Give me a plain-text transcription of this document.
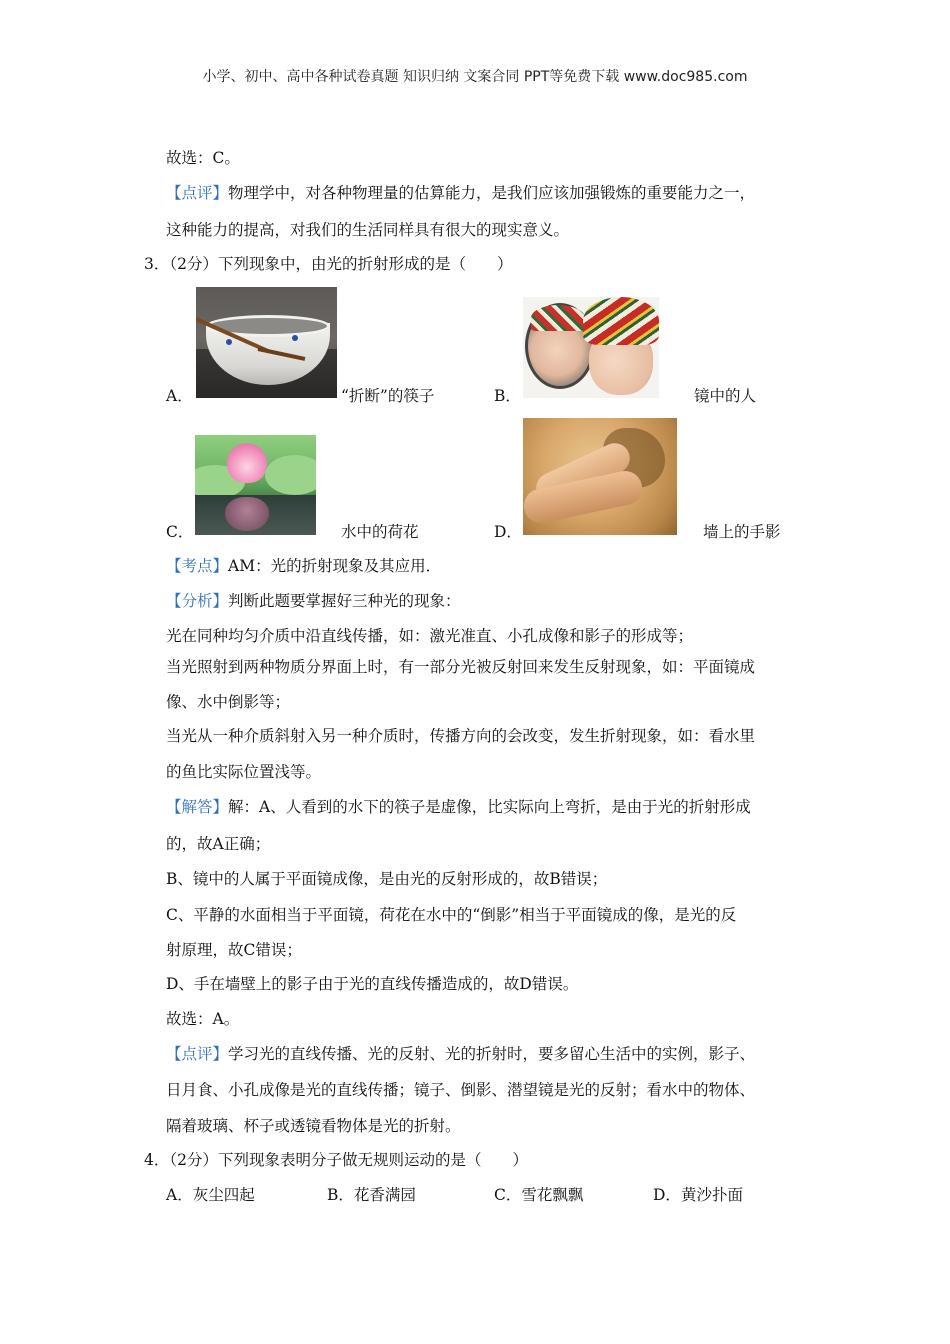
小学、初中、高中各种试卷真题 知识归纳 文案合同 PPT等免费下载 www.doc985.com
故选：C。
【点评】物理学中，对各种物理量的估算能力，是我们应该加强锻炼的重要能力之一，
这种能力的提高，对我们的生活同样具有很大的现实意义。
3．（2分）下列现象中，由光的折射形成的是（　　）
A．	“折断”的筷子	B．	镜中的人
C．	水中的荷花	D．	墙上的手影
【考点】AM：光的折射现象及其应用．
【分析】判断此题要掌握好三种光的现象：
光在同种均匀介质中沿直线传播，如：激光准直、小孔成像和影子的形成等；
当光照射到两种物质分界面上时，有一部分光被反射回来发生反射现象，如：平面镜成
像、水中倒影等；
当光从一种介质斜射入另一种介质时，传播方向的会改变，发生折射现象，如：看水里
的鱼比实际位置浅等。
【解答】解：A、人看到的水下的筷子是虚像，比实际向上弯折，是由于光的折射形成
的，故A正确；
B、镜中的人属于平面镜成像，是由光的反射形成的，故B错误；
C、平静的水面相当于平面镜，荷花在水中的“倒影”相当于平面镜成的像，是光的反
射原理，故C错误；
D、手在墙壁上的影子由于光的直线传播造成的，故D错误。
故选：A。
【点评】学习光的直线传播、光的反射、光的折射时，要多留心生活中的实例，影子、
日月食、小孔成像是光的直线传播；镜子、倒影、潜望镜是光的反射；看水中的物体、
隔着玻璃、杯子或透镜看物体是光的折射。
4．（2分）下列现象表明分子做无规则运动的是（　　）
A．灰尘四起	B．花香满园	C．雪花飘飘	D．黄沙扑面
